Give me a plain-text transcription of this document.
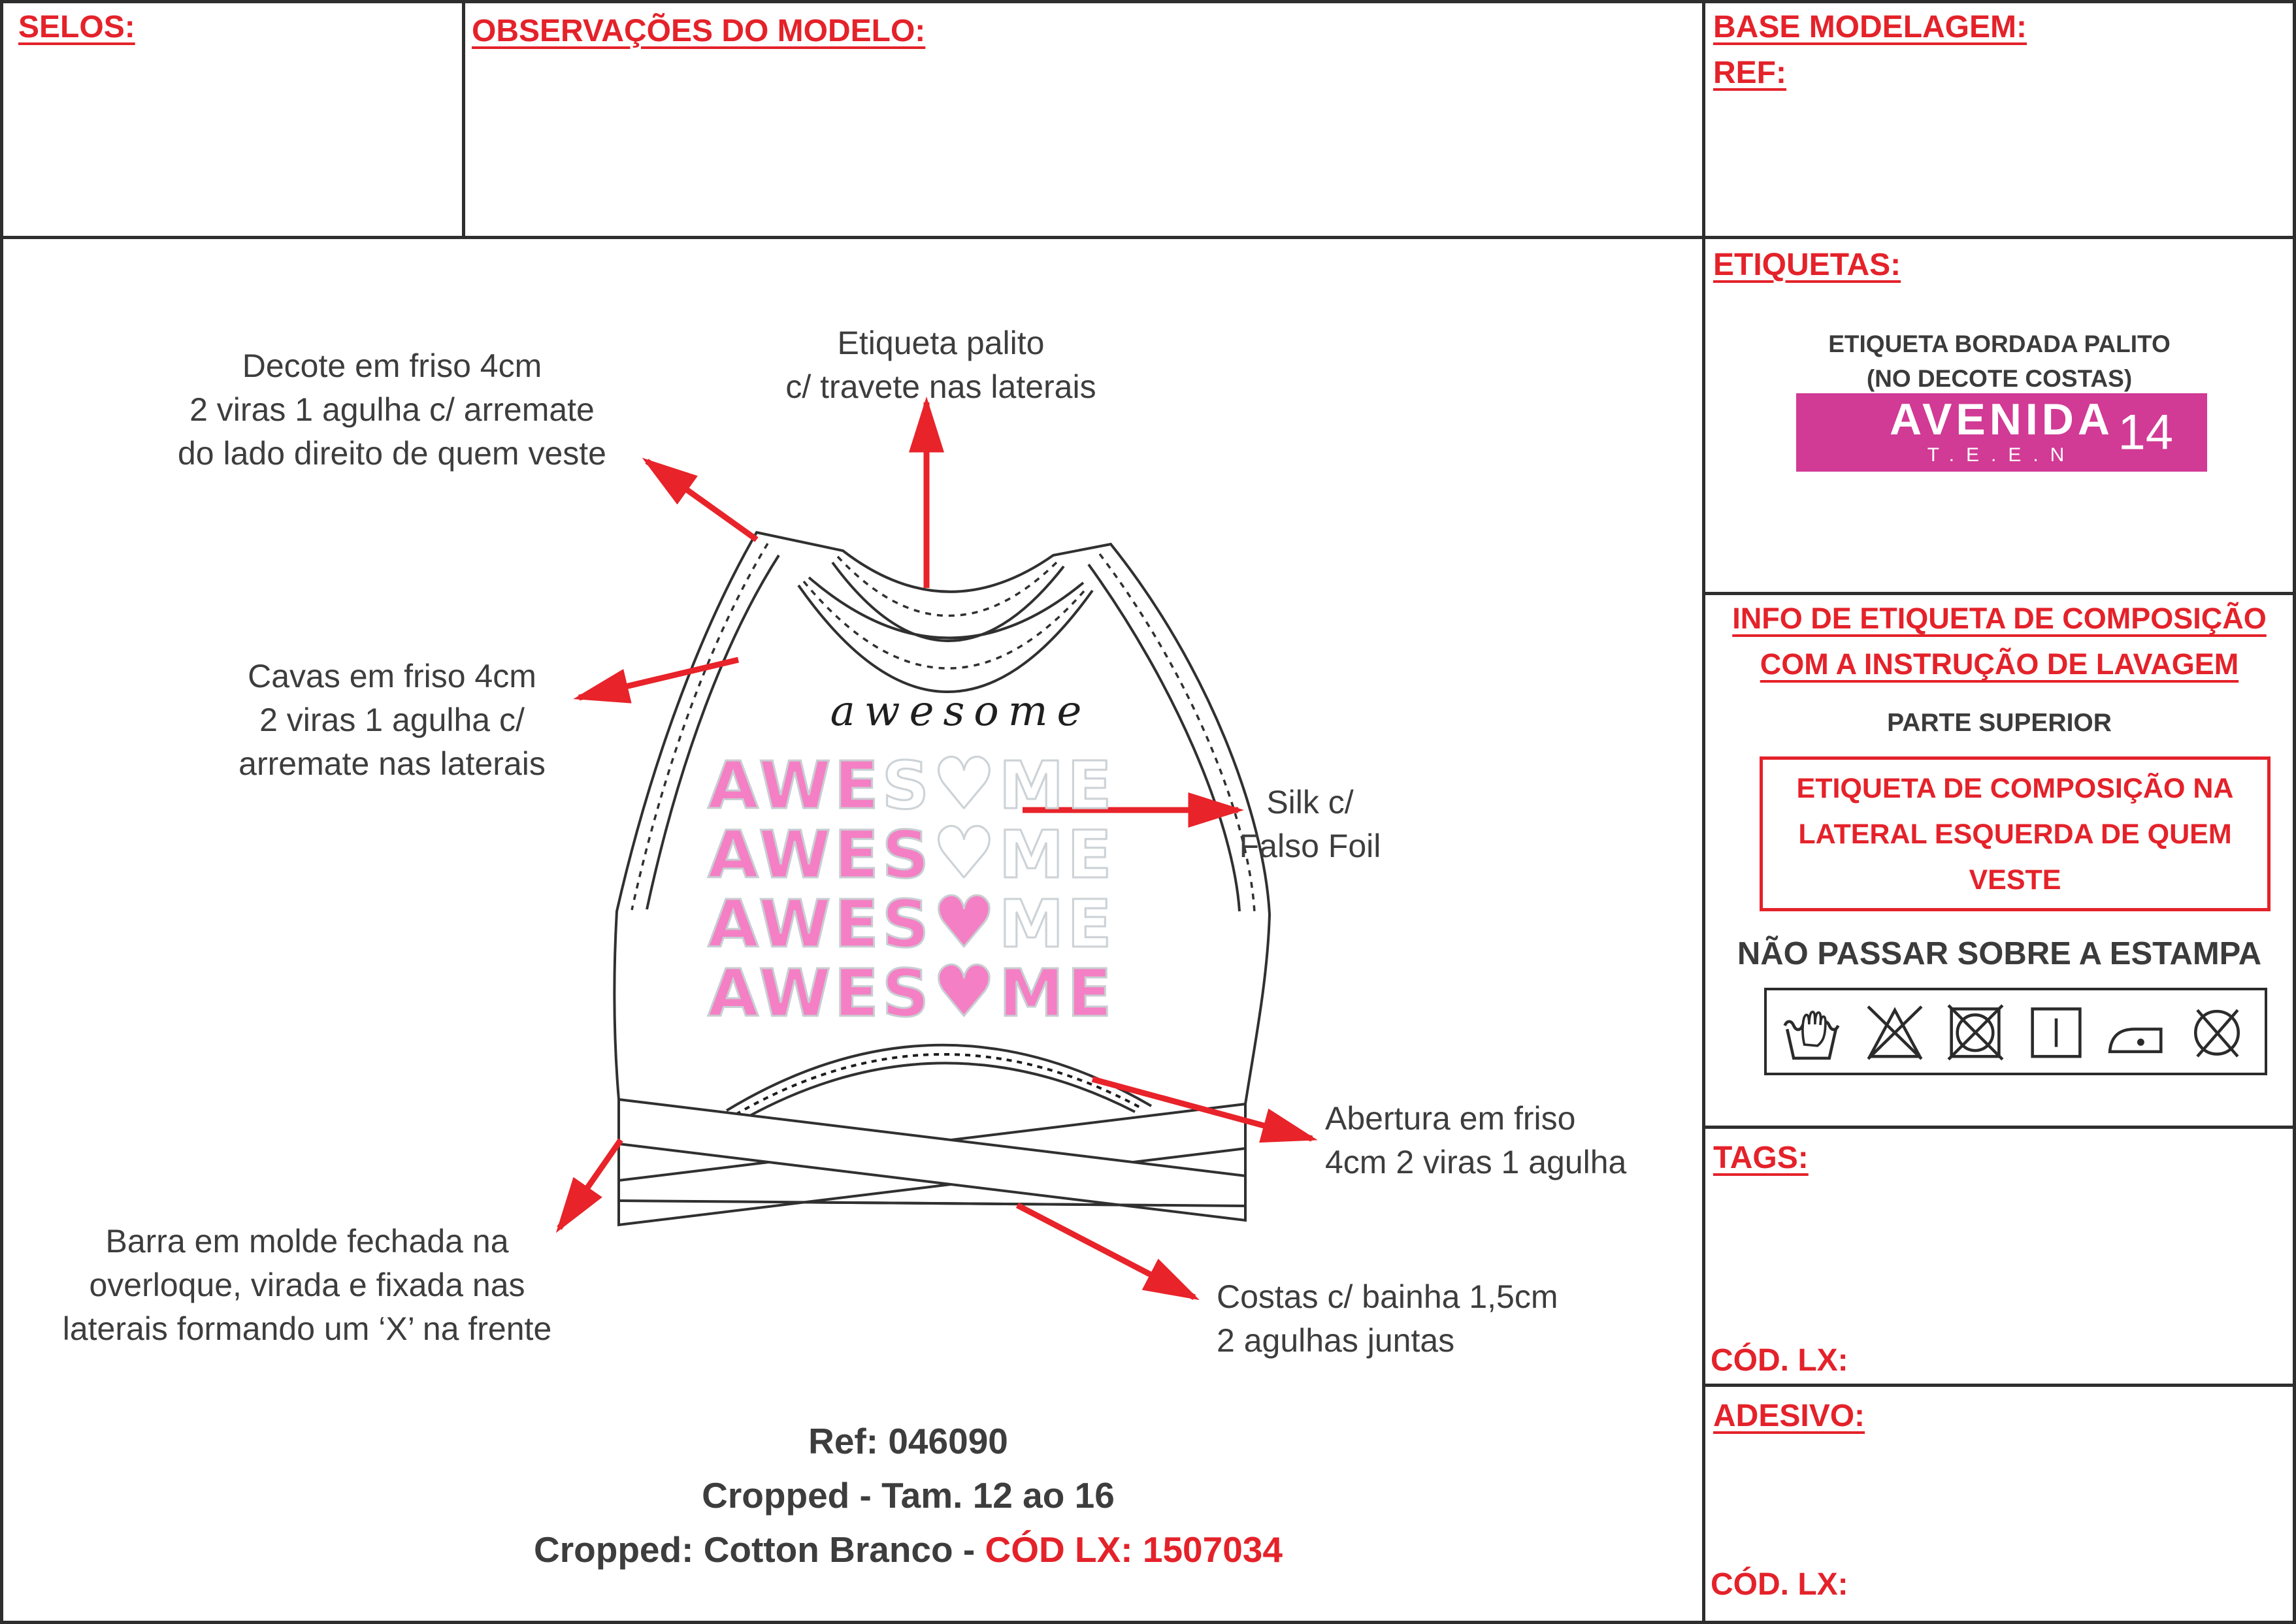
SELOS:	OBSERVAÇÕES DO MODELO:	BASE MODELAGEM:
REF:
ETIQUETAS:
ETIQUETA BORDADA PALITO
(NO DECOTE COSTAS)
AVENIDA
T.E.E.N 14
INFO DE ETIQUETA DE COMPOSIÇÃO
COM A INSTRUÇÃO DE LAVAGEM
PARTE SUPERIOR
ETIQUETA DE COMPOSIÇÃO NA
LATERAL ESQUERDA DE QUEM
VESTE
NÃO PASSAR SOBRE A ESTAMPA
TAGS:
CÓD. LX:
ADESIVO:
CÓD. LX:
awesome
AWES♥ME
AWES♥ME
AWES♥ME
AWES♥ME
Decote em friso 4cm
2 viras 1 agulha c/ arremate
do lado direito de quem veste
Etiqueta palito
c/ travete nas laterais
Cavas em friso 4cm
2 viras 1 agulha c/
arremate nas laterais
Silk c/
Falso Foil
Abertura em friso
4cm 2 viras 1 agulha
Costas c/ bainha 1,5cm
2 agulhas juntas
Barra em molde fechada na
overloque, virada e fixada nas
laterais formando um ‘X’ na frente
Ref: 046090
Cropped - Tam. 12 ao 16
Cropped: Cotton Branco - CÓD LX: 1507034
